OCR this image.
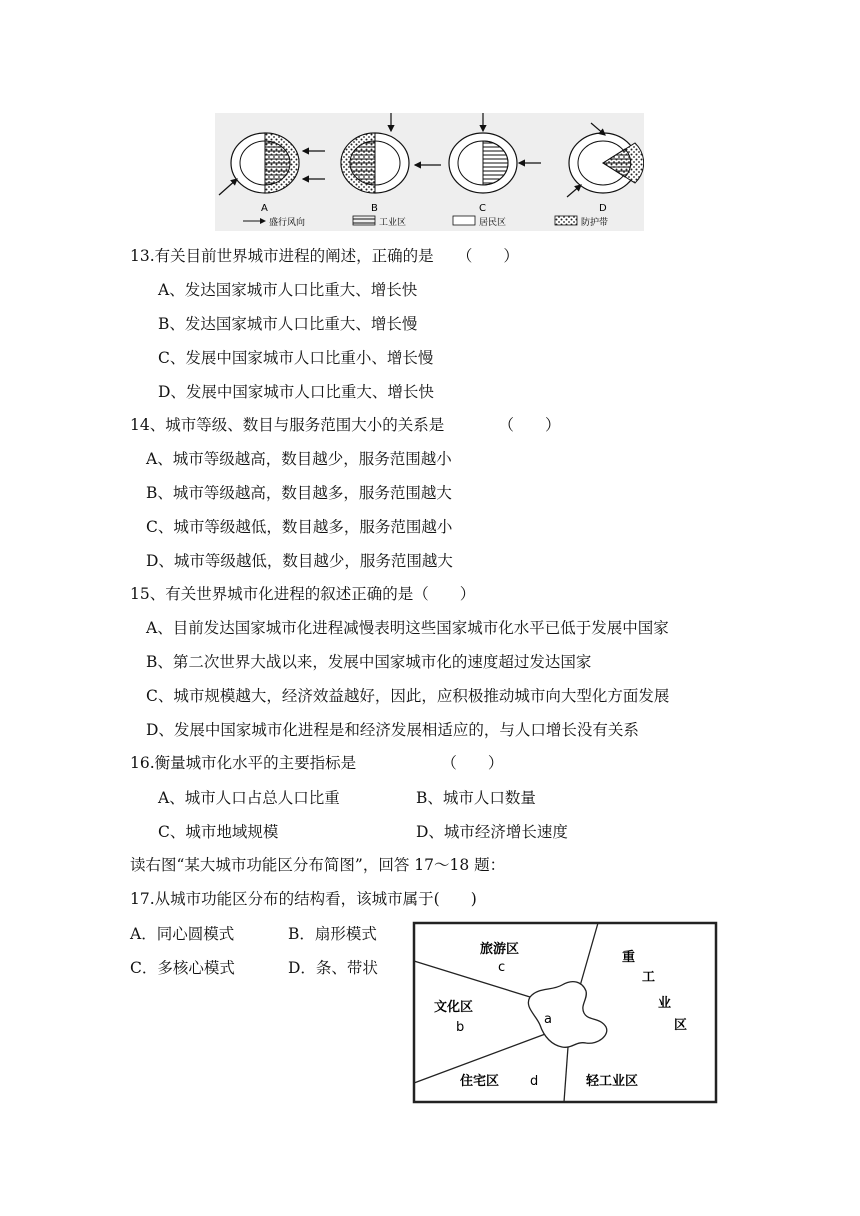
A	B	C	D
盛行风向	工业区	居民区	防护带
13.有关目前世界城市进程的阐述，正确的是　　（　　）
A、发达国家城市人口比重大、增长快
B、发达国家城市人口比重大、增长慢
C、发展中国家城市人口比重小、增长慢
D、发展中国家城市人口比重大、增长快
14、城市等级、数目与服务范围大小的关系是　　　　（　　）
A、城市等级越高，数目越少，服务范围越小
B、城市等级越高，数目越多，服务范围越大
C、城市等级越低，数目越多，服务范围越小
D、城市等级越低，数目越少，服务范围越大
15、有关世界城市化进程的叙述正确的是（　　）
A、目前发达国家城市化进程减慢表明这些国家城市化水平已低于发展中国家
B、第二次世界大战以来，发展中国家城市化的速度超过发达国家
C、城市规模越大，经济效益越好，因此，应积极推动城市向大型化方面发展
D、发展中国家城市化进程是和经济发展相适应的，与人口增长没有关系
16.衡量城市化水平的主要指标是　　　　　　（　　）
A、城市人口占总人口比重	B、城市人口数量
C、城市地域规模	D、城市经济增长速度
读右图“某大城市功能区分布简图”，回答 17～18 题：
17.从城市功能区分布的结构看，该城市属于(　　)
A．同心圆模式	B．扇形模式
C．多核心模式	D．条、带状
旅游区
c
文化区
b
a
重
工
业
区
住宅区 d	轻工业区
